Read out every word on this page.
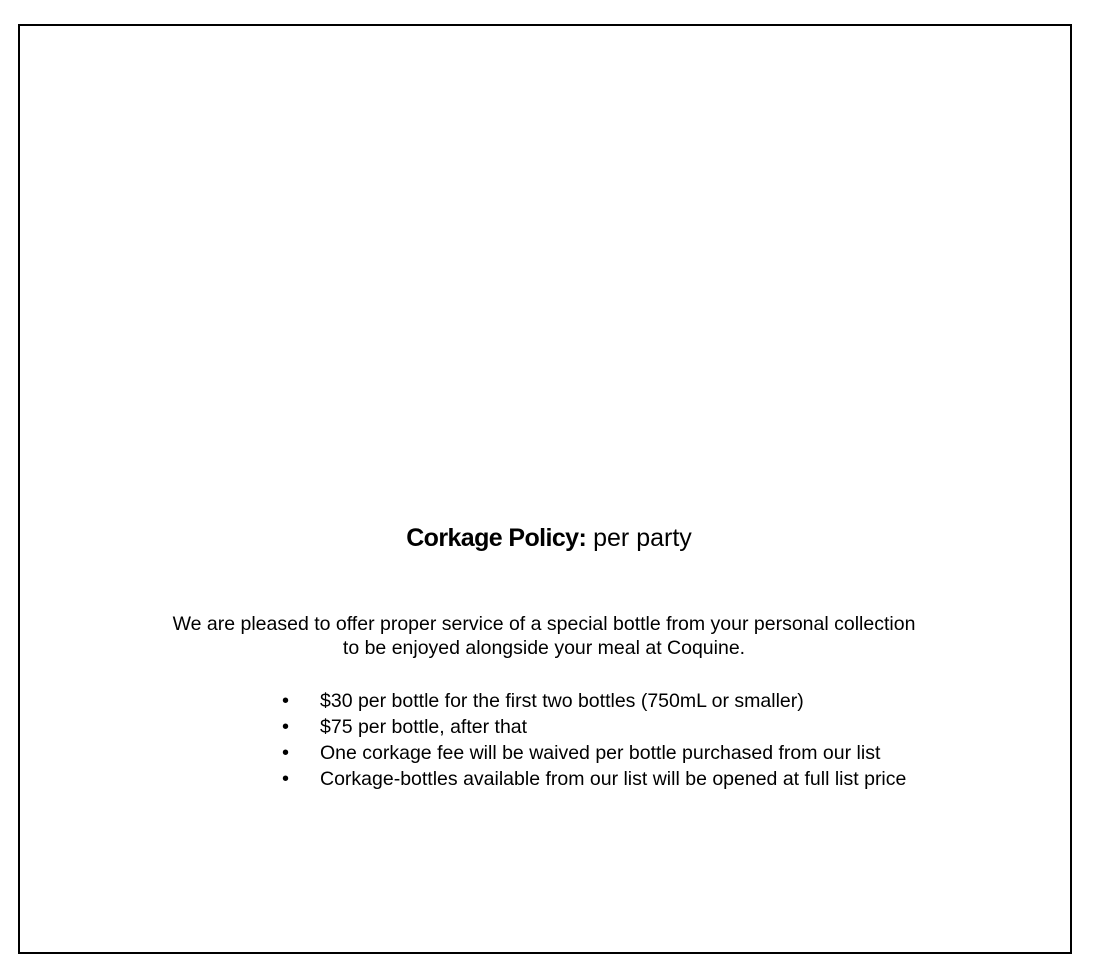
Corkage Policy: per party
We are pleased to offer proper service of a special bottle from your personal collection
to be enjoyed alongside your meal at Coquine.
• $30 per bottle for the first two bottles (750mL or smaller)
• $75 per bottle, after that
• One corkage fee will be waived per bottle purchased from our list
• Corkage-bottles available from our list will be opened at full list price
